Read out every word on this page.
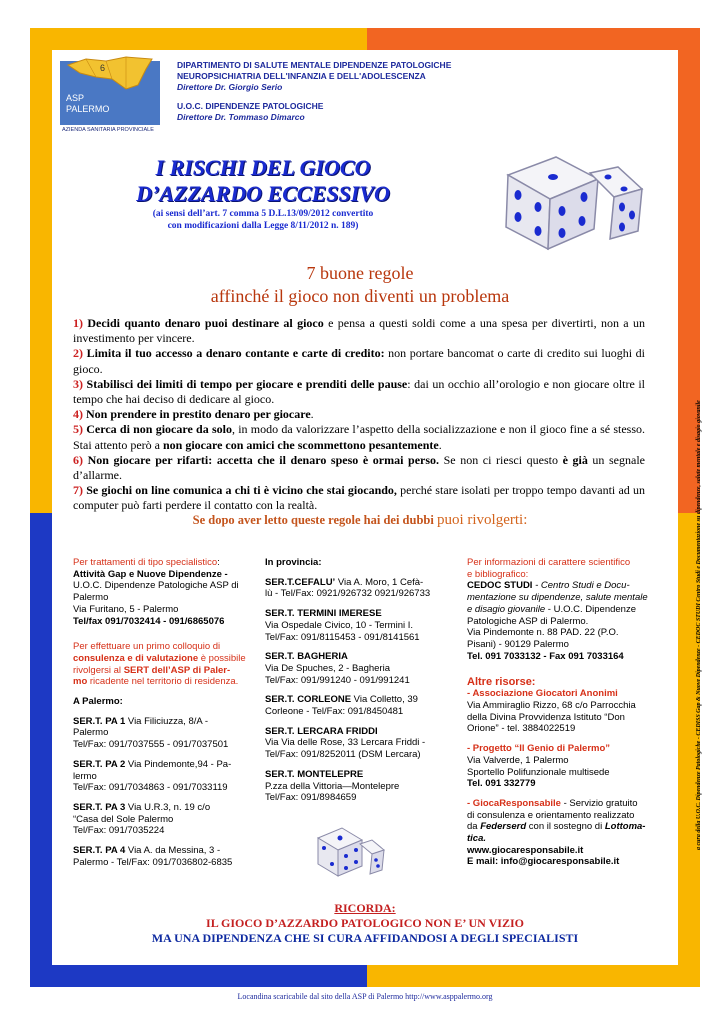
6
ASP
PALERMO
AZIENDA SANITARIA PROVINCIALE
DIPARTIMENTO DI SALUTE MENTALE DIPENDENZE PATOLOGICHE
NEUROPSICHIATRIA DELL'INFANZIA E DELL'ADOLESCENZA
Direttore Dr. Giorgio Serio
U.O.C. DIPENDENZE PATOLOGICHE
Direttore Dr. Tommaso Dimarco
I RISCHI DEL GIOCO
D’AZZARDO ECCESSIVO
(ai sensi dell’art. 7 comma 5 D.L.13/09/2012 convertito
con modificazioni dalla Legge 8/11/2012 n. 189)
a cura della U.O.C. Dipendenze Patologiche - CEDISS Gap & Nuove Dipendenze - CEDOC STUDI Centro Studi e Documentazione su dipendenze, salute mentale e disagio giovanile
7 buone regole
affinché il gioco non diventi un problema

1) Decidi quanto denaro puoi destinare al gioco e pensa a questi soldi come a una spesa per divertirti, non a un investimento per vincere.

2) Limita il tuo accesso a denaro contante e carte di credito: non portare bancomat o carte di credito sui luoghi di gioco.

3) Stabilisci dei limiti di tempo per giocare e prenditi delle pause: dai un occhio all’orologio e non giocare oltre il tempo che hai deciso di dedicare al gioco.

4) Non prendere in prestito denaro per giocare.

5) Cerca di non giocare da solo, in modo da valorizzare l’aspetto della socializzazione e non il gioco fine a sé stesso. Stai attento però a non giocare con amici che scommettono pesantemente.

6) Non giocare per rifarti: accetta che il denaro speso è ormai perso. Se non ci riesci questo è già un segnale d’allarme.

7) Se giochi on line comunica a chi ti è vicino che stai giocando, perché stare isolati per troppo tempo davanti ad un computer può farti perdere il contatto con la realtà.

Se dopo aver letto queste regole hai dei dubbi puoi rivolgerti:
Per trattamenti di tipo specialistico:
Attività Gap e Nuove Dipendenze -
U.O.C. Dipendenze Patologiche ASP di
Palermo
Via Furitano, 5 - Palermo
Tel/fax 091/7032414 - 091/6865076
Per effettuare un primo colloquio di
consulenza e di valutazione è possibile
rivolgersi al SERT dell’ASP di Paler-
mo ricadente nel territorio di residenza.
A Palermo:
SER.T. PA 1 Via Filiciuzza, 8/A -
Palermo
Tel/Fax: 091/7037555 - 091/7037501
SER.T. PA 2 Via Pindemonte,94 - Pa-
lermo
Tel/Fax: 091/7034863 - 091/7033119
SER.T. PA 3 Via U.R.3, n. 19 c/o
“Casa del Sole Palermo
Tel/Fax: 091/7035224
SER.T. PA 4 Via A. da Messina, 3 -
Palermo - Tel/Fax: 091/7036802-6835
In provincia:
SER.T.CEFALU’ Via A. Moro, 1 Cefà-
lù - Tel/Fax: 0921/926732 0921/926733
SER.T. TERMINI IMERESE
Via Ospedale Civico, 10 - Termini I.
Tel/Fax: 091/8115453 - 091/8141561
SER.T. BAGHERIA
Via De Spuches, 2 - Bagheria
Tel/Fax: 091/991240 - 091/991241
SER.T. CORLEONE Via Colletto, 39
Corleone - Tel/Fax: 091/8450481
SER.T. LERCARA FRIDDI
Via Via delle Rose, 33 Lercara Friddi -
Tel/Fax: 091/8252011 (DSM Lercara)
SER.T. MONTELEPRE
P.zza della Vittoria—Montelepre
Tel/Fax: 091/8984659
Per informazioni di carattere scientifico
e bibliografico:
CEDOC STUDI - Centro Studi e Docu-
mentazione su dipendenze, salute mentale
e disagio giovanile - U.O.C. Dipendenze
Patologiche ASP di Palermo.
Via Pindemonte n. 88 PAD. 22 (P.O.
Pisani) - 90129 Palermo
Tel. 091 7033132 - Fax 091 7033164
Altre risorse:
- Associazione Giocatori Anonimi
Via Ammiraglio Rizzo, 68 c/o Parrocchia
della Divina Provvidenza Istituto “Don
Orione” - tel. 3884022519
- Progetto “Il Genio di Palermo”
Via Valverde, 1 Palermo
Sportello Polifunzionale multisede
Tel. 091 332779
- GiocaResponsabile - Servizio gratuito
di consulenza e orientamento realizzato
da Federserd con il sostegno di Lottoma-
tica.
www.giocaresponsabile.it
E mail: info@giocaresponsabile.it
RICORDA:
IL GIOCO D’AZZARDO PATOLOGICO NON E’ UN VIZIO
MA UNA DIPENDENZA CHE SI CURA AFFIDANDOSI A DEGLI SPECIALISTI
Locandina scaricabile dal sito della ASP di Palermo http://www.asppalermo.org
